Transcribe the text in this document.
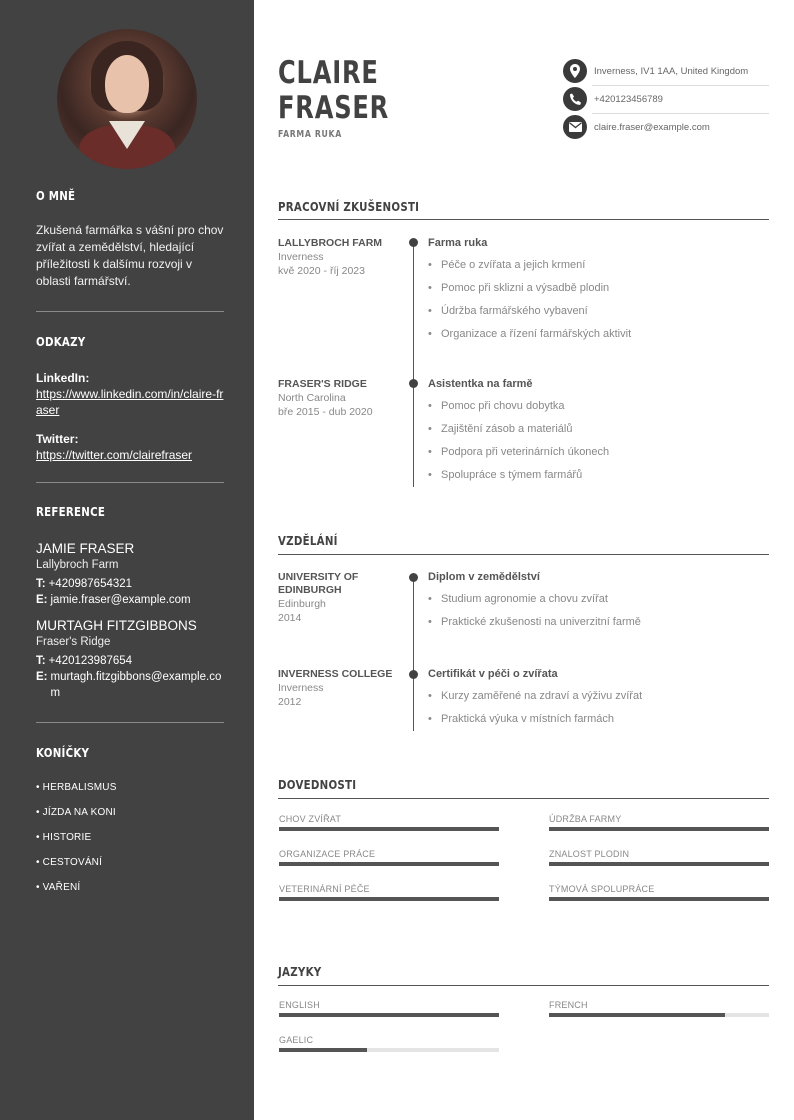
O MNĚ
Zkušená farmářka s vášní pro chov zvířat a zemědělství, hledající příležitosti k dalšímu rozvoji v oblasti farmářství.
ODKAZY
LinkedIn:
https://www.linkedin.com/in/claire-fraser
Twitter:
https://twitter.com/clairefraser
REFERENCE
JAMIE FRASER
Lallybroch Farm
T: +420987654321
E: jamie.fraser@example.com
MURTAGH FITZGIBBONS
Fraser's Ridge
T: +420123987654
E: murtagh.fitzgibbons@example.com
KONÍČKY
• HERBALISMUS
• JÍZDA NA KONI
• HISTORIE
• CESTOVÁNÍ
• VAŘENÍ
CLAIRE
FRASER
FARMA RUKA
Inverness, IV1 1AA, United Kingdom
+420123456789
claire.fraser@example.com
PRACOVNÍ ZKUŠENOSTI
LALLYBROCH FARM
Inverness
kvě 2020 - říj 2023
Farma ruka
• Péče o zvířata a jejich krmení
• Pomoc při sklizni a výsadbě plodin
• Údržba farmářského vybavení
• Organizace a řízení farmářských aktivit
FRASER'S RIDGE
North Carolina
bře 2015 - dub 2020
Asistentka na farmě
• Pomoc při chovu dobytka
• Zajištění zásob a materiálů
• Podpora při veterinárních úkonech
• Spolupráce s týmem farmářů
VZDĚLÁNÍ
UNIVERSITY OF EDINBURGH
Edinburgh
2014
Diplom v zemědělství
• Studium agronomie a chovu zvířat
• Praktické zkušenosti na univerzitní farmě
INVERNESS COLLEGE
Inverness
2012
Certifikát v péči o zvířata
• Kurzy zaměřené na zdraví a výživu zvířat
• Praktická výuka v místních farmách
DOVEDNOSTI
CHOV ZVÍŘAT	ÚDRŽBA FARMY
ORGANIZACE PRÁCE	ZNALOST PLODIN
VETERINÁRNÍ PÉČE	TÝMOVÁ SPOLUPRÁCE
JAZYKY
ENGLISH	FRENCH
GAELIC
